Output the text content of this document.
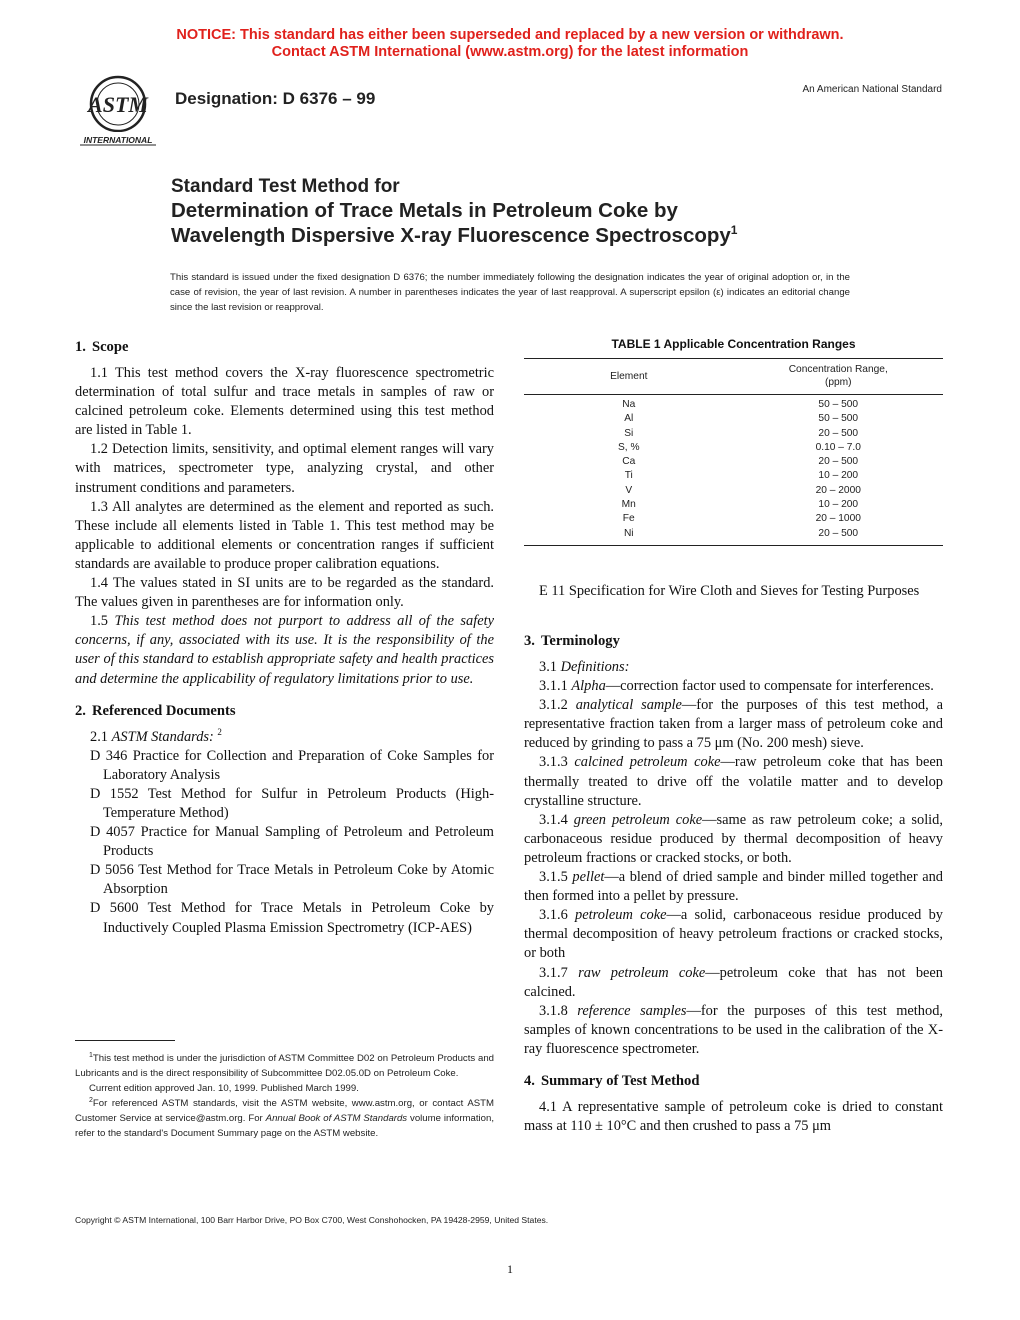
NOTICE: This standard has either been superseded and replaced by a new version or withdrawn.
Contact ASTM International (www.astm.org) for the latest information
ASTM
INTERNATIONAL
Designation: D 6376 – 99	An American National Standard
Standard Test Method for
Determination of Trace Metals in Petroleum Coke by
Wavelength Dispersive X-ray Fluorescence Spectroscopy$^1$
This standard is issued under the fixed designation D 6376; the number immediately following the designation indicates the year of original adoption or, in the case of revision, the year of last revision. A number in parentheses indicates the year of last reapproval. A superscript epsilon (ε) indicates an editorial change since the last revision or reapproval.
1. Scope

1.1 This test method covers the X-ray fluorescence spectrometric determination of total sulfur and trace metals in samples of raw or calcined petroleum coke. Elements determined using this test method are listed in Table 1.

1.2 Detection limits, sensitivity, and optimal element ranges will vary with matrices, spectrometer type, analyzing crystal, and other instrument conditions and parameters.

1.3 All analytes are determined as the element and reported as such. These include all elements listed in Table 1. This test method may be applicable to additional elements or concentration ranges if sufficient standards are available to produce proper calibration equations.

1.4 The values stated in SI units are to be regarded as the standard. The values given in parentheses are for information only.

1.5 This test method does not purport to address all of the safety concerns, if any, associated with its use. It is the responsibility of the user of this standard to establish appropriate safety and health practices and determine the applicability of regulatory limitations prior to use.

2. Referenced Documents

2.1 ASTM Standards: $^2$

D 346 Practice for Collection and Preparation of Coke Samples for Laboratory Analysis

D 1552 Test Method for Sulfur in Petroleum Products (High-Temperature Method)

D 4057 Practice for Manual Sampling of Petroleum and Petroleum Products

D 5056 Test Method for Trace Metals in Petroleum Coke by Atomic Absorption

D 5600 Test Method for Trace Metals in Petroleum Coke by Inductively Coupled Plasma Emission Spectrometry (ICP-AES)

TABLE 1 Applicable Concentration Ranges
Element	Concentration Range,
(ppm)
Na	50 – 500
Al	50 – 500
Si	20 – 500
S, %	0.10 – 7.0
Ca	20 – 500
Ti	10 – 200
V	20 – 2000
Mn	10 – 200
Fe	20 – 1000
Ni	20 – 500

E 11 Specification for Wire Cloth and Sieves for Testing Purposes

3. Terminology

3.1 Definitions:

3.1.1 Alpha—correction factor used to compensate for interferences.

3.1.2 analytical sample—for the purposes of this test method, a representative fraction taken from a larger mass of petroleum coke and reduced by grinding to pass a 75 μm (No. 200 mesh) sieve.

3.1.3 calcined petroleum coke—raw petroleum coke that has been thermally treated to drive off the volatile matter and to develop crystalline structure.

3.1.4 green petroleum coke—same as raw petroleum coke; a solid, carbonaceous residue produced by thermal decomposition of heavy petroleum fractions or cracked stocks, or both.

3.1.5 pellet—a blend of dried sample and binder milled together and then formed into a pellet by pressure.

3.1.6 petroleum coke—a solid, carbonaceous residue produced by thermal decomposition of heavy petroleum fractions or cracked stocks, or both

3.1.7 raw petroleum coke—petroleum coke that has not been calcined.

3.1.8 reference samples—for the purposes of this test method, samples of known concentrations to be used in the calibration of the X-ray fluorescence spectrometer.

4. Summary of Test Method

4.1 A representative sample of petroleum coke is dried to constant mass at 110 ± 10°C and then crushed to pass a 75 μm

$^1$This test method is under the jurisdiction of ASTM Committee D02 on Petroleum Products and Lubricants and is the direct responsibility of Subcommittee D02.05.0D on Petroleum Coke.

Current edition approved Jan. 10, 1999. Published March 1999.

$^2$For referenced ASTM standards, visit the ASTM website, www.astm.org, or contact ASTM Customer Service at service@astm.org. For Annual Book of ASTM Standards volume information, refer to the standard's Document Summary page on the ASTM website.

Copyright © ASTM International, 100 Barr Harbor Drive, PO Box C700, West Conshohocken, PA 19428-2959, United States.
1
